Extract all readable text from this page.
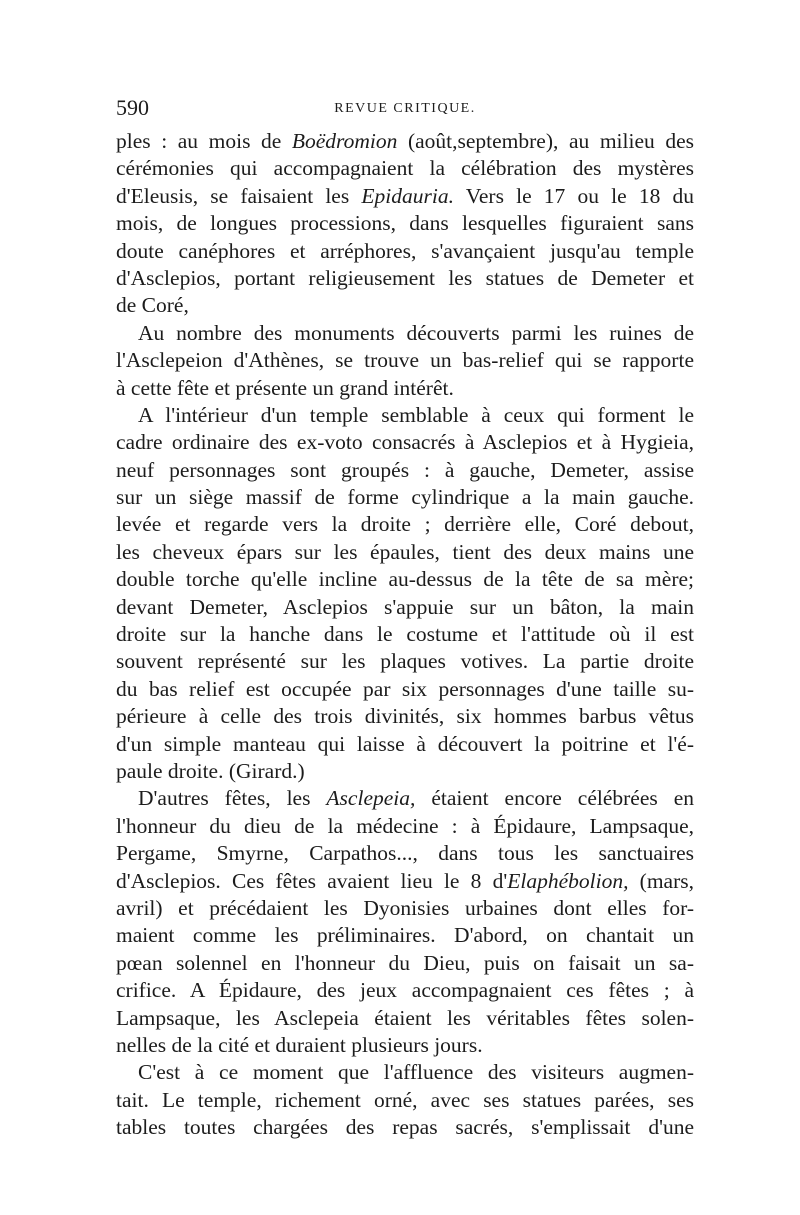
590	REVUE CRITIQUE.
ples : au mois de Boëdromion (août,septembre), au milieu des
cérémonies qui accompagnaient la célébration des mystères
d'Eleusis, se faisaient les Epidauria. Vers le 17 ou le 18 du
mois, de longues processions, dans lesquelles figuraient sans
doute canéphores et arréphores, s'avançaient jusqu'au temple
d'Asclepios, portant religieusement les statues de Demeter et
de Coré,
Au nombre des monuments découverts parmi les ruines de
l'Asclepeion d'Athènes, se trouve un bas-relief qui se rapporte
à cette fête et présente un grand intérêt.
A l'intérieur d'un temple semblable à ceux qui forment le
cadre ordinaire des ex-voto consacrés à Asclepios et à Hygieia,
neuf personnages sont groupés : à gauche, Demeter, assise
sur un siège massif de forme cylindrique a la main gauche.
levée et regarde vers la droite ; derrière elle, Coré debout,
les cheveux épars sur les épaules, tient des deux mains une
double torche qu'elle incline au-dessus de la tête de sa mère;
devant Demeter, Asclepios s'appuie sur un bâton, la main
droite sur la hanche dans le costume et l'attitude où il est
souvent représenté sur les plaques votives. La partie droite
du bas relief est occupée par six personnages d'une taille su-
périeure à celle des trois divinités, six hommes barbus vêtus
d'un simple manteau qui laisse à découvert la poitrine et l'é-
paule droite. (Girard.)
D'autres fêtes, les Asclepeia, étaient encore célébrées en
l'honneur du dieu de la médecine : à Épidaure, Lampsaque,
Pergame, Smyrne, Carpathos..., dans tous les sanctuaires
d'Asclepios. Ces fêtes avaient lieu le 8 d'Elaphébolion, (mars,
avril) et précédaient les Dyonisies urbaines dont elles for-
maient comme les préliminaires. D'abord, on chantait un
pœan solennel en l'honneur du Dieu, puis on faisait un sa-
crifice. A Épidaure, des jeux accompagnaient ces fêtes ; à
Lampsaque, les Asclepeia étaient les véritables fêtes solen-
nelles de la cité et duraient plusieurs jours.
C'est à ce moment que l'affluence des visiteurs augmen-
tait. Le temple, richement orné, avec ses statues parées, ses
tables toutes chargées des repas sacrés, s'emplissait d'une
